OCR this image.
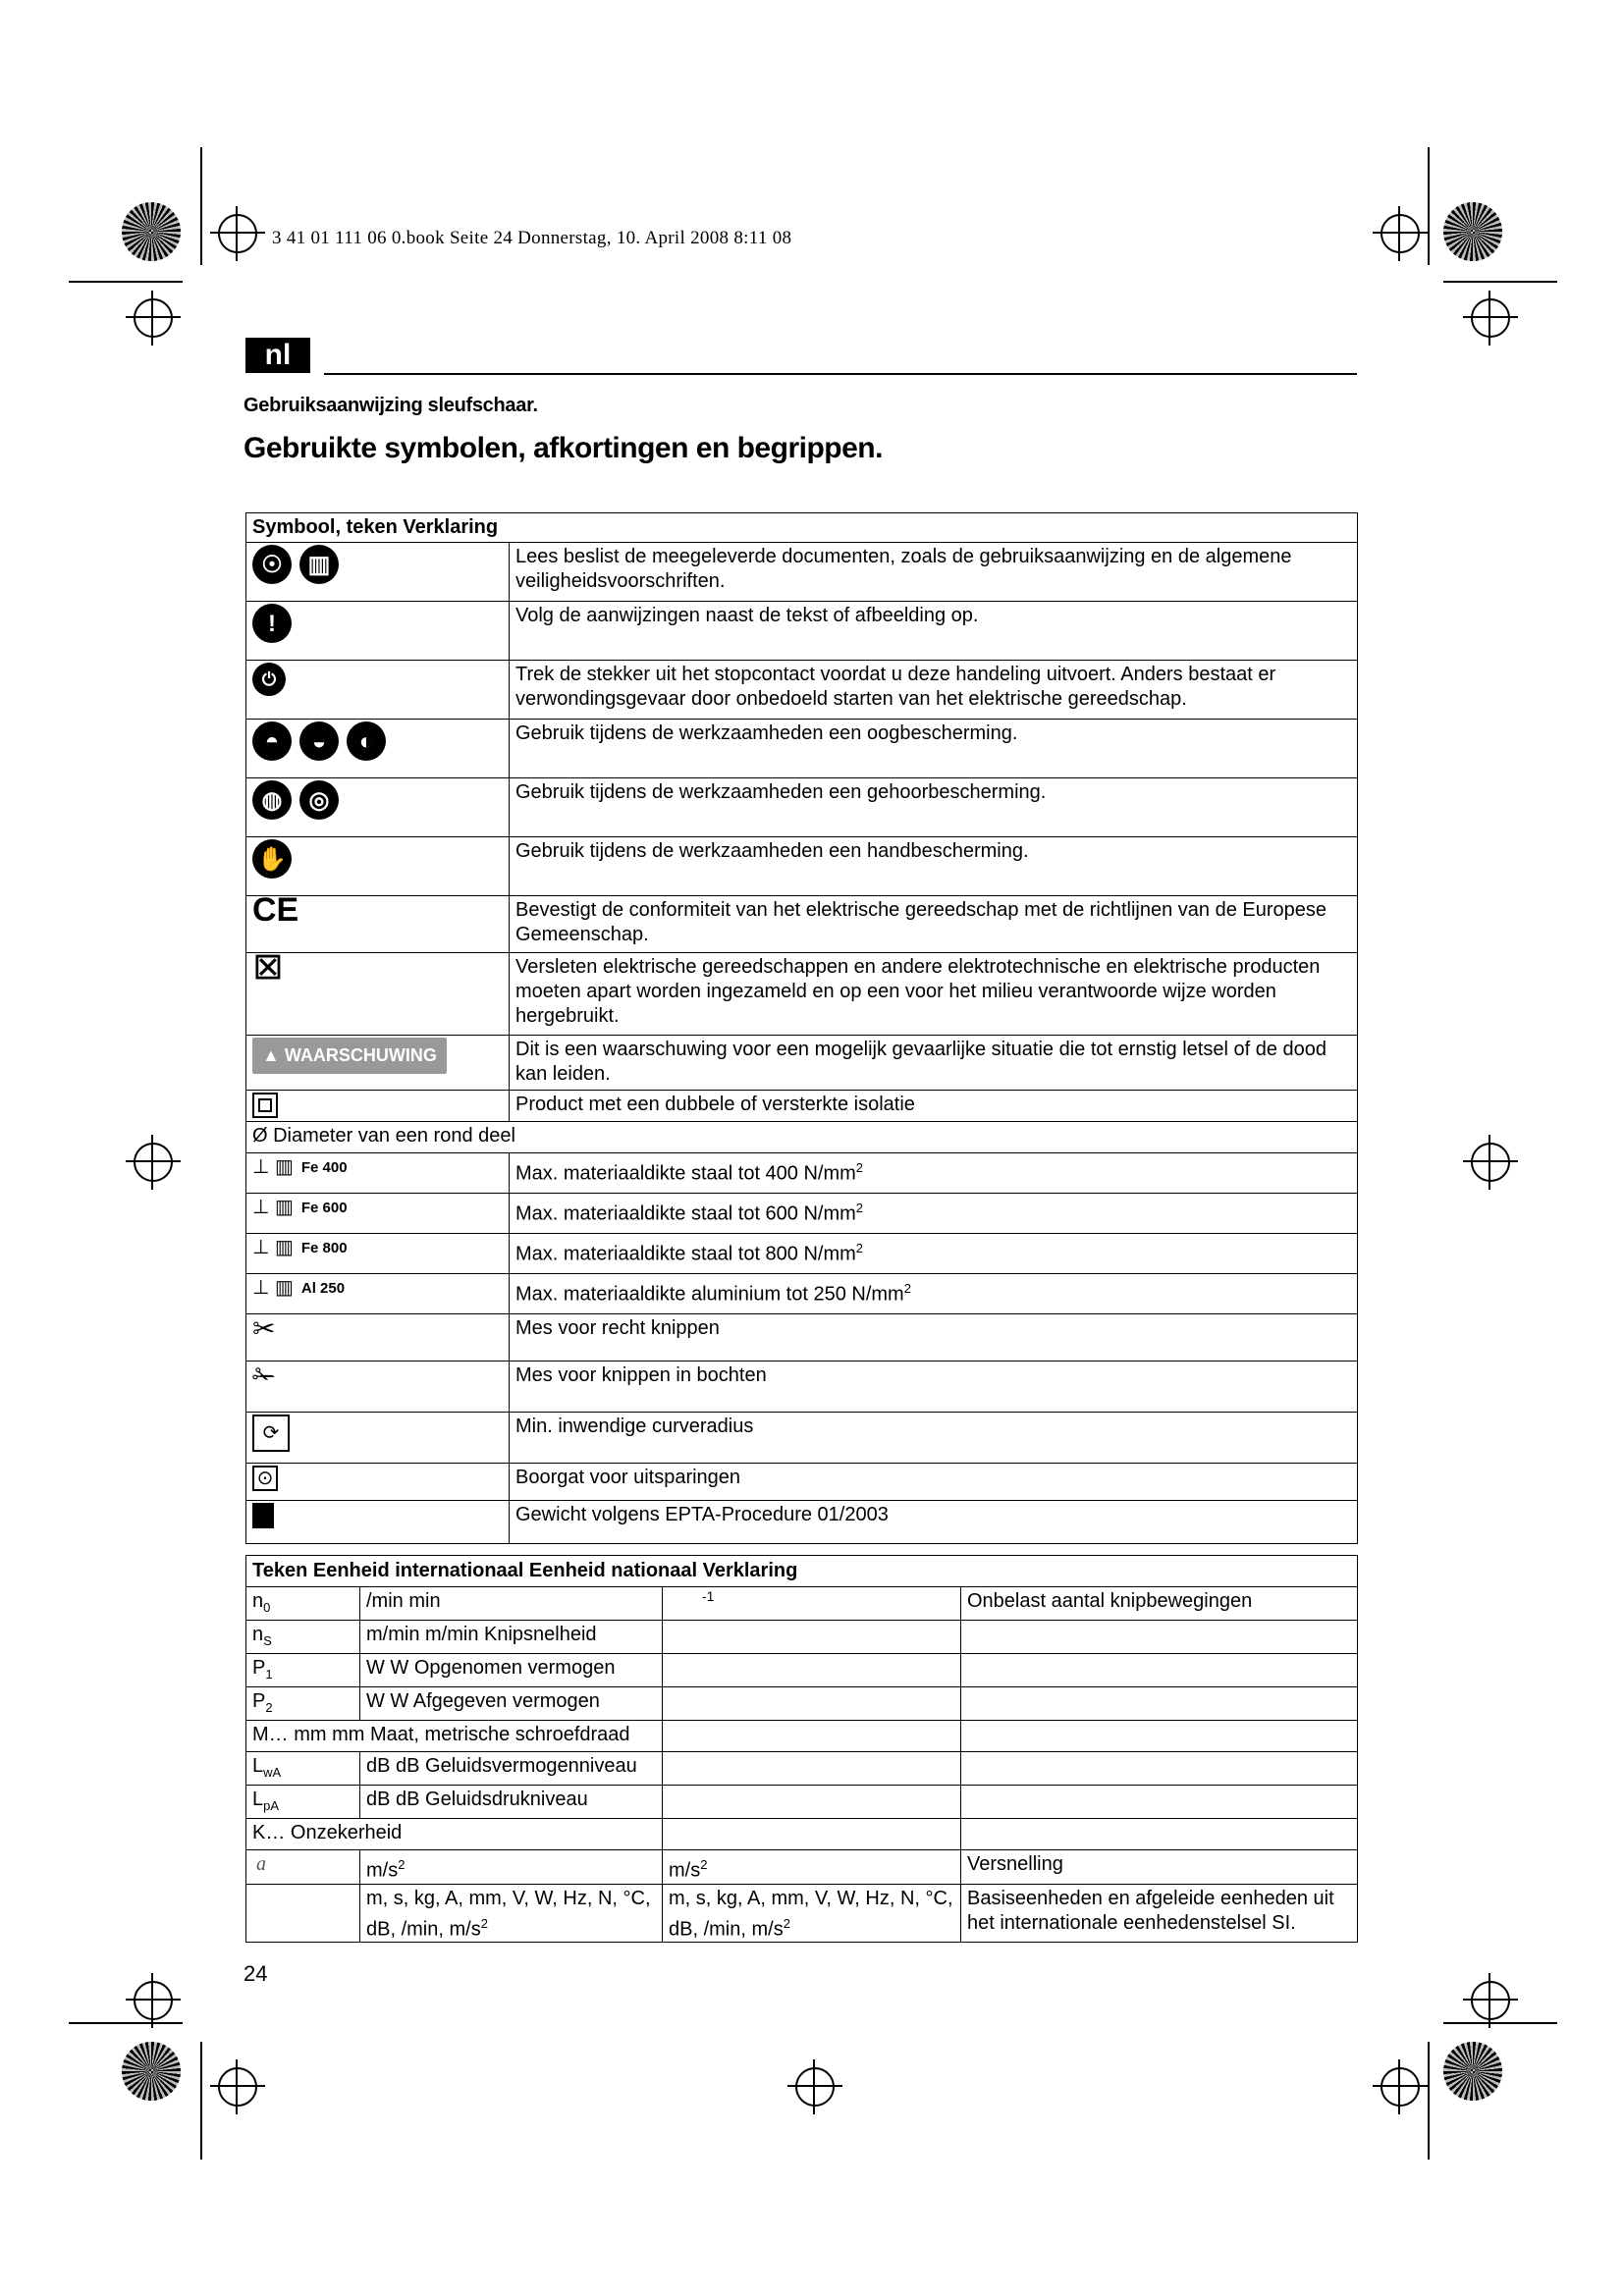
3 41 01 111 06 0.book Seite 24 Donnerstag, 10. April 2008 8:11 08
nl
Gebruiksaanwijzing sleufschaar.
Gebruikte symbolen, afkortingen en begrippen.
Symbool, teken Verklaring	

☉ ▥	Lees beslist de meegeleverde documenten, zoals de gebruiksaanwijzing en de algemene veiligheidsvoorschriften.

!	Volg de aanwijzingen naast de tekst of afbeelding op.

⏻	Trek de stekker uit het stopcontact voordat u deze handeling uitvoert. Anders bestaat er verwondingsgevaar door onbedoeld starten van het elektrische gereedschap.

◓ ◒ ◐	Gebruik tijdens de werkzaamheden een oogbescherming.

◍ ◎	Gebruik tijdens de werkzaamheden een gehoorbescherming.

✋	Gebruik tijdens de werkzaamheden een handbescherming.

CE	Bevestigt de conformiteit van het elektrische gereedschap met de richtlijnen van de Europese Gemeenschap.

⊠	Versleten elektrische gereedschappen en andere elektrotechnische en elektrische producten moeten apart worden ingezameld en op een voor het milieu verantwoorde wijze worden hergebruikt.

▲ WAARSCHUWING	Dit is een waarschuwing voor een mogelijk gevaarlijke situatie die tot ernstig letsel of de dood kan leiden.

	Product met een dubbele of versterkte isolatie
Ø Diameter van een rond deel	

⊥ ▥ Fe 400	Max. materiaaldikte staal tot 400 $N/mm^2$

⊥ ▥ Fe 600	Max. materiaaldikte staal tot 600 $N/mm^2$

⊥ ▥ Fe 800	Max. materiaaldikte staal tot 800 $N/mm^2$

⊥ ▥ Al 250	Max. materiaaldikte aluminium tot 250 $N/mm^2$

✂	Mes voor recht knippen

✁	Mes voor knippen in bochten

⟳	Min. inwendige curveradius

⊙	Boorgat voor uitsparingen

	Gewicht volgens EPTA-Procedure 01/2003
Teken Eenheid internationaal Eenheid nationaal Verklaring			
$n_0$	/min min	-1	Onbelast aantal knipbewegingen
$n_S$	m/min m/min Knipsnelheid		
$P_1$	W W Opgenomen vermogen		
$P_2$	W W Afgegeven vermogen		
M… mm mm Maat, metrische schroefdraad			
$L_{wA}$	dB dB Geluidsvermogenniveau		
$L_{pA}$	dB dB Geluidsdrukniveau		
K… Onzekerheid			
a	$m/s^2$	$m/s^2$	Versnelling
	m, s, kg, A, mm, V, W, Hz, N, °C, dB, /min, $m/s^2$	m, s, kg, A, mm, V, W, Hz, N, °C, dB, /min, $m/s^2$	Basiseenheden en afgeleide eenheden uit het internationale eenhedenstelsel SI.
24
